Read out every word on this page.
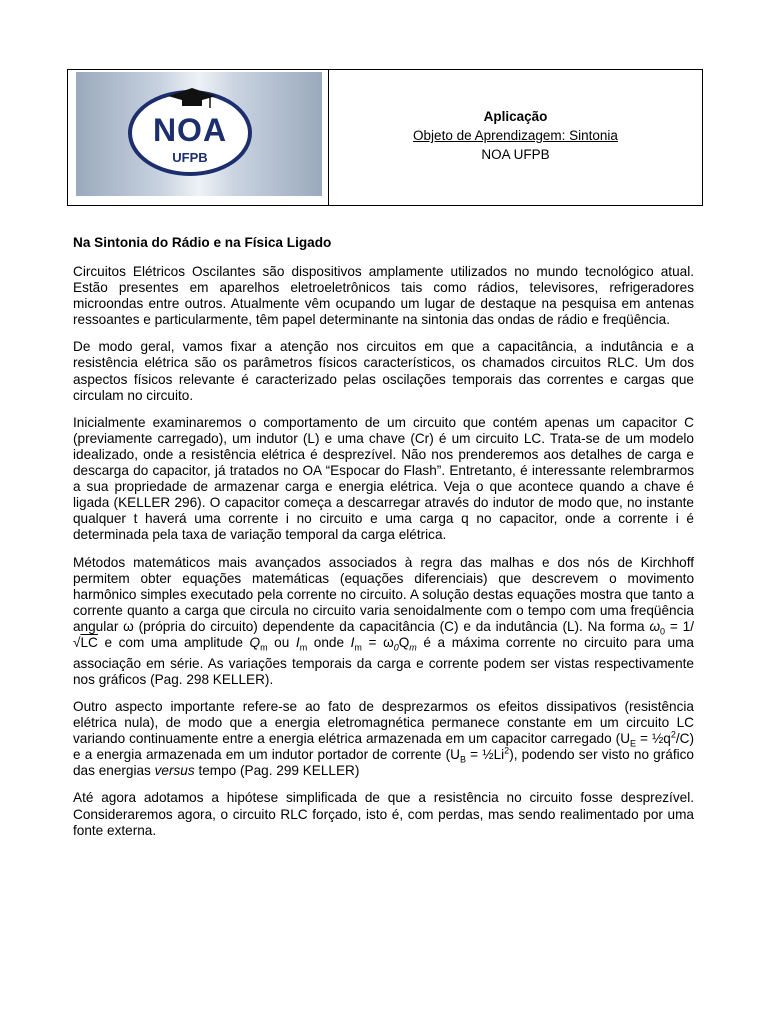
NOA
UFPB
Aplicação
Objeto de Aprendizagem: Sintonia
NOA UFPB
Na Sintonia do Rádio e na Física Ligado

Circuitos Elétricos Oscilantes são dispositivos amplamente utilizados no mundo tecnológico atual. Estão presentes em aparelhos eletroeletrônicos tais como rádios, televisores, refrigeradores microondas entre outros. Atualmente vêm ocupando um lugar de destaque na pesquisa em antenas ressoantes e particularmente, têm papel determinante na sintonia das ondas de rádio e freqüência.

De modo geral, vamos fixar a atenção nos circuitos em que a capacitância, a indutância e a resistência elétrica são os parâmetros físicos característicos, os chamados circuitos RLC. Um dos aspectos físicos relevante é caracterizado pelas oscilações temporais das correntes e cargas que circulam no circuito.

Inicialmente examinaremos o comportamento de um circuito que contém apenas um capacitor C (previamente carregado), um indutor (L) e uma chave (Cr) é um circuito LC. Trata-se de um modelo idealizado, onde a resistência elétrica é desprezível. Não nos prenderemos aos detalhes de carga e descarga do capacitor, já tratados no OA “Espocar do Flash”. Entretanto, é interessante relembrarmos a sua propriedade de armazenar carga e energia elétrica. Veja o que acontece quando a chave é ligada (KELLER 296). O capacitor começa a descarregar através do indutor de modo que, no instante qualquer t haverá uma corrente i no circuito e uma carga q no capacitor, onde a corrente i é determinada pela taxa de variação temporal da carga elétrica.

Métodos matemáticos mais avançados associados à regra das malhas e dos nós de Kirchhoff permitem obter equações matemáticas (equações diferenciais) que descrevem o movimento harmônico simples executado pela corrente no circuito. A solução destas equações mostra que tanto a corrente quanto a carga que circula no circuito varia senoidalmente com o tempo com uma freqüência angular ω (própria do circuito) dependente da capacitância (C) e da indutância (L). Na forma $\omega_0 = 1/√LC$ e com uma amplitude $Q_m$ ou $I_m$ onde $I_m = \omega_0Q_m$ é a máxima corrente no circuito para uma associação em série. As variações temporais da carga e corrente podem ser vistas respectivamente nos gráficos (Pag. 298 KELLER).

Outro aspecto importante refere-se ao fato de desprezarmos os efeitos dissipativos (resistência elétrica nula), de modo que a energia eletromagnética permanece constante em um circuito LC variando continuamente entre a energia elétrica armazenada em um capacitor carregado ($U_E$ = $\frac{1}{2}q^2/C$) e a energia armazenada em um indutor portador de corrente ($U_B$ = $\frac{1}{2}Li^2$), podendo ser visto no gráfico das energias versus tempo (Pag. 299 KELLER)

Até agora adotamos a hipótese simplificada de que a resistência no circuito fosse desprezível. Consideraremos agora, o circuito RLC forçado, isto é, com perdas, mas sendo realimentado por uma fonte externa.
